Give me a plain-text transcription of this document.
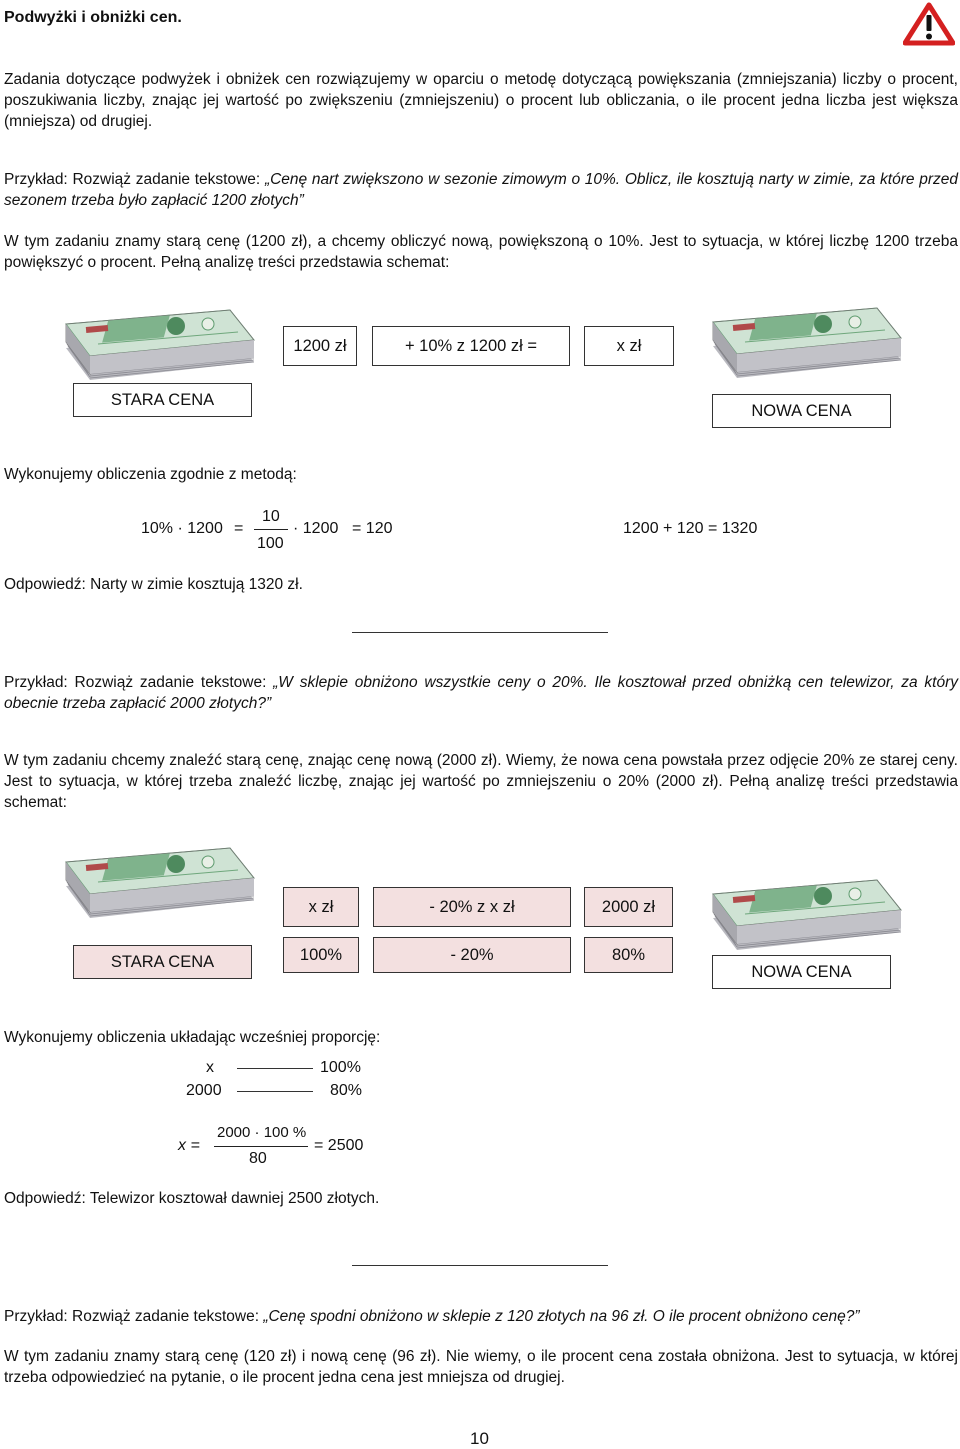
Podwyżki i obniżki cen.
Zadania dotyczące podwyżek i obniżek cen rozwiązujemy w oparciu o metodę dotyczącą powiększania (zmniejszania) liczby o procent, poszukiwania liczby, znając jej wartość po zwiększeniu (zmniejszeniu) o procent lub obliczania, o ile procent jedna liczba jest większa (mniejsza) od drugiej.
Przykład: Rozwiąż zadanie tekstowe: „Cenę nart zwiększono w sezonie zimowym o 10%. Oblicz, ile kosztują narty w zimie, za które przed sezonem trzeba było zapłacić 1200 złotych”
W tym zadaniu znamy starą cenę (1200 zł), a chcemy obliczyć nową, powiększoną o 10%. Jest to sytuacja, w której liczbę 1200 trzeba powiększyć o procent. Pełną analizę treści przedstawia schemat:
1200 zł	+ 10% z 1200 zł =	x zł
STARA CENA
NOWA CENA
Wykonujemy obliczenia zgodnie z metodą:
10% · 1200 =
10
100
· 1200 = 120	1200 + 120 = 1320
Odpowiedź: Narty w zimie kosztują 1320 zł.
Przykład: Rozwiąż zadanie tekstowe: „W sklepie obniżono wszystkie ceny o 20%. Ile kosztował przed obniżką cen telewizor, za który obecnie trzeba zapłacić 2000 złotych?”
W tym zadaniu chcemy znaleźć starą cenę, znając cenę nową (2000 zł). Wiemy, że nowa cena powstała przez odjęcie 20% ze starej ceny. Jest to sytuacja, w której trzeba znaleźć liczbę, znając jej wartość po zmniejszeniu o 20% (2000 zł). Pełną analizę treści przedstawia schemat:
x zł	- 20% z x zł	2000 zł
100%	- 20%	80%
STARA CENA
NOWA CENA
Wykonujemy obliczenia układając wcześniej proporcję:
x	100%
2000	80%
x =
2000 · 100 %
80
= 2500
Odpowiedź: Telewizor kosztował dawniej 2500 złotych.
Przykład: Rozwiąż zadanie tekstowe: „Cenę spodni obniżono w sklepie z 120 złotych na 96 zł. O ile procent obniżono cenę?”
W tym zadaniu znamy starą cenę (120 zł) i nową cenę (96 zł). Nie wiemy, o ile procent cena została obniżona. Jest to sytuacja, w której trzeba odpowiedzieć na pytanie, o ile procent jedna cena jest mniejsza od drugiej.
10
